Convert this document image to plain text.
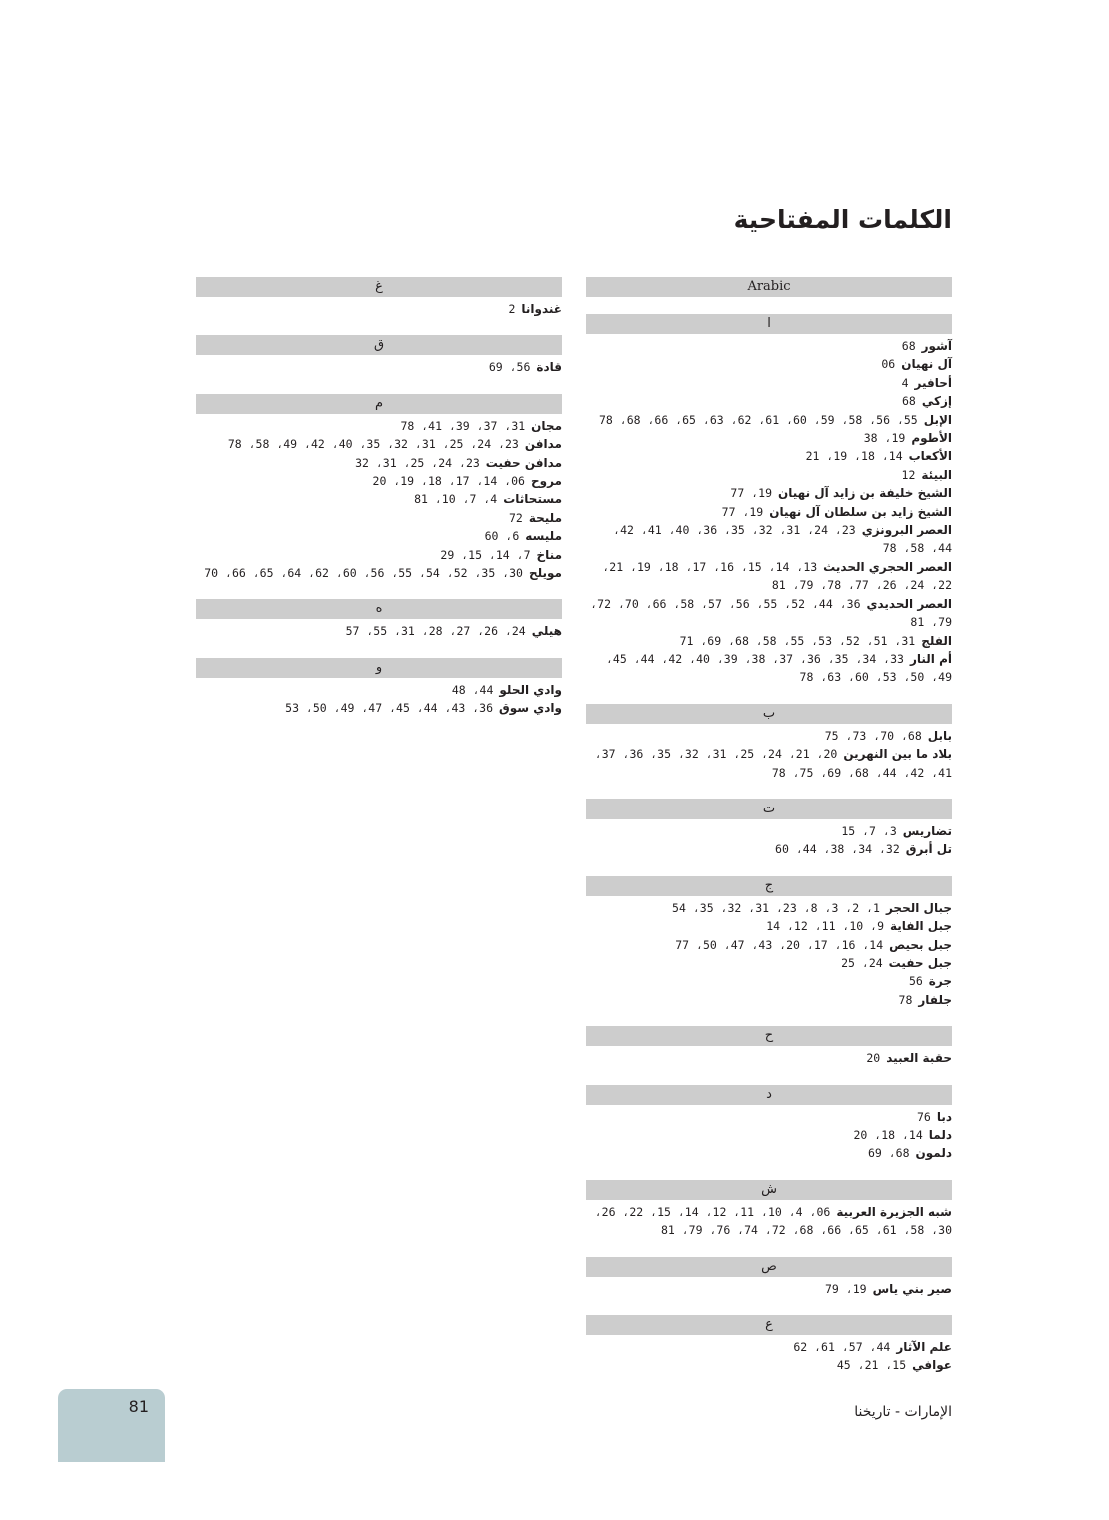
الكلمات المفتاحية
Arabic
ا
آشور68
آل نهيان06
أحافير4
إزكي68
الإبل55، 56، 58، 59، 60، 61، 62، 63، 65، 66، 68، 78
الأطوم19، 38
الأكعاب14، 18، 19، 21
البيئة12
الشيخ خليفة بن زايد آل نهيان19، 77
الشيخ زايد بن سلطان آل نهيان19، 77
العصر البرونزي23، 24، 31، 32، 35، 36، 40، 41، 42، 44، 58، 78
العصر الحجري الحديث13، 14، 15، 16، 17، 18، 19، 21، 22، 24، 26، 77، 78، 79، 81
العصر الحديدي36، 44، 52، 55، 56، 57، 58، 66، 70، 72، 79، 81
الفلج31، 51، 52، 53، 55، 58، 68، 69، 71
أم النار33، 34، 35، 36، 37، 38، 39، 40، 42، 44، 45، 49، 50، 53، 60، 63، 78
ب
بابل68، 70، 73، 75
بلاد ما بين النهرين20، 21، 24، 25، 31، 32، 35، 36، 37، 41، 42، 44، 68، 69، 75، 78
ت
تضاريس3، 7، 15
تل أبرق32، 34، 38، 44، 60
ج
جبال الحجر1، 2، 3، 8، 23، 31، 32، 35، 54
جبل الفاية9، 10، 11، 12، 14
جبل بحيص14، 16، 17، 20، 43، 47، 50، 77
جبل حفيت24، 25
جرة56
جلفار78
ح
حقبة العبيد20
د
دبا76
دلما14، 18، 20
دلمون68، 69
ش
شبه الجزيرة العربية06، 4، 10، 11، 12، 14، 15، 22، 26، 30، 58، 61، 65، 66، 68، 72، 74، 76، 79، 81
ص
صير بني ياس19، 79
ع
علم الآثار44، 57، 61، 62
عوافي15، 21، 45
غ
غندوانا2
ق
قادة56، 69
م
مجان31، 37، 39، 41، 78
مدافن23، 24، 25، 31، 32، 35، 40، 42، 49، 58، 78
مدافن حفيت23، 24، 25، 31، 32
مروح06، 14، 17، 18، 19، 20
مستحاثات4، 7، 10، 81
مليحة72
مليسه6، 60
مناخ7، 14، 15، 29
مويلح30، 35، 52، 54، 55، 56، 60، 62، 64، 65، 66، 70
ه
هيلي24، 26، 27، 28، 31، 55، 57
و
وادي الحلو44، 48
وادي سوق36، 43، 44، 45، 47، 49، 50، 53
الإمارات - تاريخنا
81
